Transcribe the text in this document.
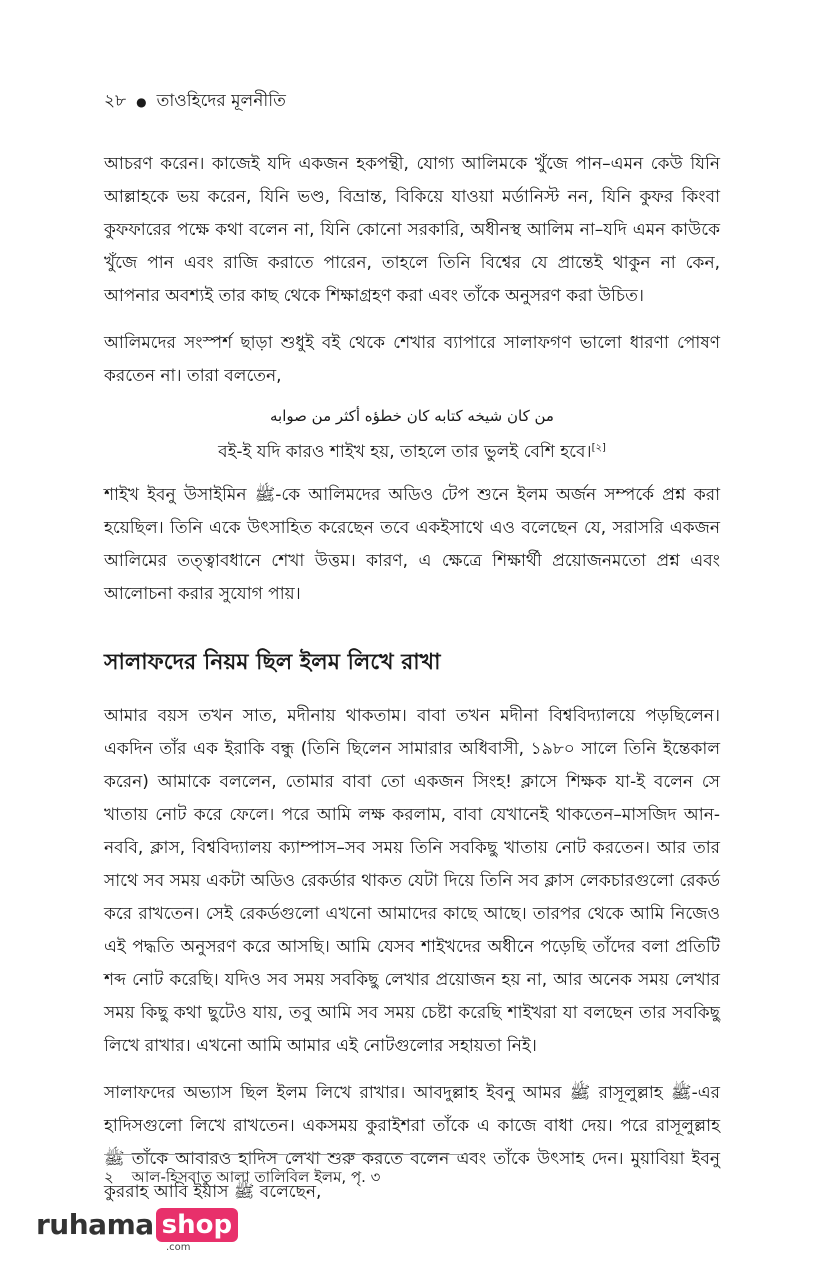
২৮ ● তাওহিদের মূলনীতি

আচরণ করেন। কাজেই যদি একজন হকপন্থী, যোগ্য আলিমকে খুঁজে পান–এমন কেউ যিনি আল্লাহকে ভয় করেন, যিনি ভণ্ড, বিভ্রান্ত, বিকিয়ে যাওয়া মর্ডানিস্ট নন, যিনি কুফর কিংবা কুফফারের পক্ষে কথা বলেন না, যিনি কোনো সরকারি, অধীনস্থ আলিম না–যদি এমন কাউকে খুঁজে পান এবং রাজি করাতে পারেন, তাহলে তিনি বিশ্বের যে প্রান্তেই থাকুন না কেন, আপনার অবশ্যই তার কাছ থেকে শিক্ষাগ্রহণ করা এবং তাঁকে অনুসরণ করা উচিত।

আলিমদের সংস্পর্শ ছাড়া শুধুই বই থেকে শেখার ব্যাপারে সালাফগণ ভালো ধারণা পোষণ করতেন না। তারা বলতেন,

من كان شيخه كتابه كان خطؤه أكثر من صوابه
বই-ই যদি কারও শাইখ হয়, তাহলে তার ভুলই বেশি হবে।[২]

শাইখ ইবনু উসাইমিন ﷺ-কে আলিমদের অডিও টেপ শুনে ইলম অর্জন সম্পর্কে প্রশ্ন করা হয়েছিল। তিনি একে উৎসাহিত করেছেন তবে একইসাথে এও বলেছেন যে, সরাসরি একজন আলিমের তত্ত্বাবধানে শেখা উত্তম। কারণ, এ ক্ষেত্রে শিক্ষার্থী প্রয়োজনমতো প্রশ্ন এবং আলোচনা করার সুযোগ পায়।

সালাফদের নিয়ম ছিল ইলম লিখে রাখা

আমার বয়স তখন সাত, মদীনায় থাকতাম। বাবা তখন মদীনা বিশ্ববিদ্যালয়ে পড়ছিলেন। একদিন তাঁর এক ইরাকি বন্ধু (তিনি ছিলেন সামারার অধিবাসী, ১৯৮০ সালে তিনি ইন্তেকাল করেন) আমাকে বললেন, তোমার বাবা তো একজন সিংহ! ক্লাসে শিক্ষক যা-ই বলেন সে খাতায় নোট করে ফেলে। পরে আমি লক্ষ করলাম, বাবা যেখানেই থাকতেন–মাসজিদ আন-নববি, ক্লাস, বিশ্ববিদ্যালয় ক্যাম্পাস–সব সময় তিনি সবকিছু খাতায় নোট করতেন। আর তার সাথে সব সময় একটা অডিও রেকর্ডার থাকত যেটা দিয়ে তিনি সব ক্লাস লেকচারগুলো রেকর্ড করে রাখতেন। সেই রেকর্ডগুলো এখনো আমাদের কাছে আছে। তারপর থেকে আমি নিজেও এই পদ্ধতি অনুসরণ করে আসছি। আমি যেসব শাইখদের অধীনে পড়েছি তাঁদের বলা প্রতিটি শব্দ নোট করেছি। যদিও সব সময় সবকিছু লেখার প্রয়োজন হয় না, আর অনেক সময় লেখার সময় কিছু কথা ছুটেও যায়, তবু আমি সব সময় চেষ্টা করেছি শাইখরা যা বলছেন তার সবকিছু লিখে রাখার। এখনো আমি আমার এই নোটগুলোর সহায়তা নিই।

সালাফদের অভ্যাস ছিল ইলম লিখে রাখার। আবদুল্লাহ ইবনু আমর ﷺ রাসূলুল্লাহ ﷺ-এর হাদিসগুলো লিখে রাখতেন। একসময় কুরাইশরা তাঁকে এ কাজে বাধা দেয়। পরে রাসূলুল্লাহ ﷺ তাঁকে আবারও হাদিস লেখা শুরু করতে বলেন এবং তাঁকে উৎসাহ দেন। মুয়াবিয়া ইবনু কুররাহ আবি ইয়াস ﷺ বলেছেন,

২ আল-হিসবাতু আলা তালিবিল ইলম, পৃ. ৩
ruhama shop
.com
